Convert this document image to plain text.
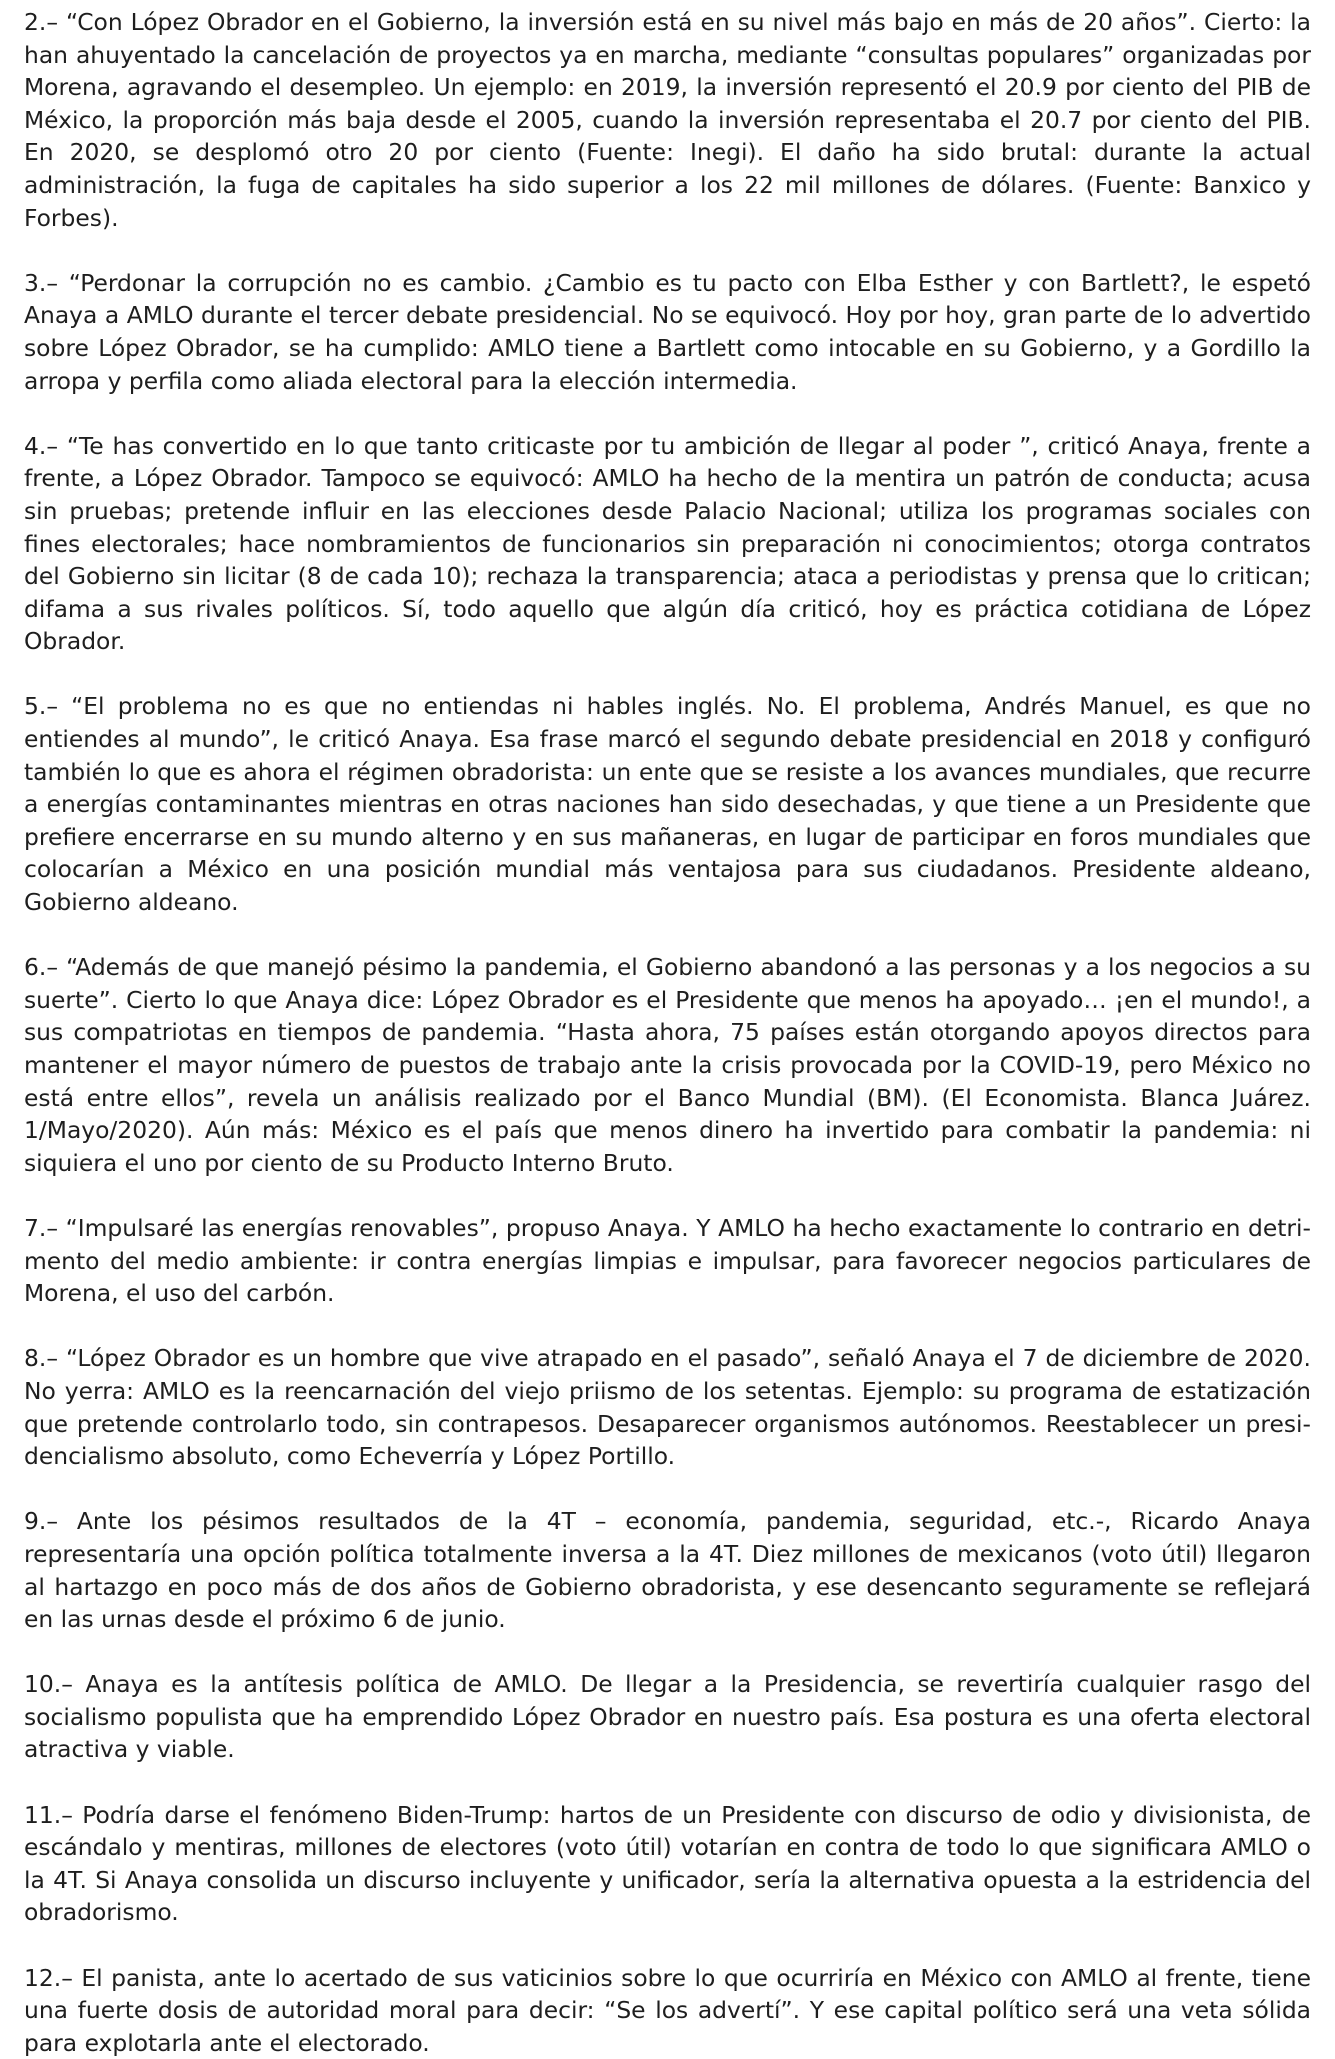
2.– “Con López Obrador en el Gobierno, la inversión está en su nivel más bajo en más de 20 años”. Cierto: la han ahuyentado la cancelación de proyectos ya en marcha, mediante “consultas populares” organizadas por Morena, agravando el desempleo. Un ejemplo: en 2019, la inversión representó el 20.9 por ciento del PIB de México, la proporción más baja desde el 2005, cuando la inversión representaba el 20.7 por ciento del PIB. En 2020, se desplomó otro 20 por ciento (Fuente: Inegi). El daño ha sido brutal: durante la actual administración, la fuga de capitales ha sido superior a los 22 mil millones de dólares. (Fuente: Banxico y Forbes).

3.– “Perdonar la corrupción no es cambio. ¿Cambio es tu pacto con Elba Esther y con Bartlett?, le espetó Anaya a AMLO durante el tercer debate presidencial. No se equivocó. Hoy por hoy, gran parte de lo advertido sobre López Obrador, se ha cumplido: AMLO tiene a Bartlett como intocable en su Gobierno, y a Gordillo la arropa y perfila como aliada electoral para la elección intermedia.

4.– “Te has convertido en lo que tanto criticaste por tu ambición de llegar al poder ”, criticó Anaya, frente a frente, a López Obrador. Tampoco se equivocó: AMLO ha hecho de la mentira un patrón de conducta; acusa sin pruebas; pretende influir en las elecciones desde Palacio Nacional; utiliza los programas sociales con fines electorales; hace nombramientos de funcionarios sin preparación ni conocimientos; otorga contratos del Gobierno sin licitar (8 de cada 10); rechaza la transparencia; ataca a periodistas y prensa que lo critican; difama a sus rivales políticos. Sí, todo aquello que algún día criticó, hoy es práctica cotidiana de López Obrador.

5.– “El problema no es que no entiendas ni hables inglés. No. El problema, Andrés Manuel, es que no entiendes al mundo”, le criticó Anaya. Esa frase marcó el segundo debate presidencial en 2018 y configuró también lo que es ahora el régimen obradorista: un ente que se resiste a los avances mundiales, que recurre a energías contaminantes mientras en otras naciones han sido desechadas, y que tiene a un Presidente que prefiere encerrarse en su mundo alterno y en sus mañaneras, en lugar de participar en foros mundiales que colocarían a México en una posición mundial más ventajosa para sus ciudadanos. Presidente aldeano, Gobierno aldeano.

6.– “Además de que manejó pésimo la pandemia, el Gobierno abandonó a las personas y a los negocios a su suerte”. Cierto lo que Anaya dice: López Obrador es el Presidente que menos ha apoyado… ¡en el mundo!, a sus compatriotas en tiempos de pandemia. “Hasta ahora, 75 países están otorgando apoyos directos para mantener el mayor número de puestos de trabajo ante la crisis provocada por la COVID-19, pero México no está entre ellos”, revela un análisis realizado por el Banco Mundial (BM). (El Economista. Blanca Juárez. 1/Mayo/2020). Aún más: México es el país que menos dinero ha invertido para combatir la pandemia: ni siquiera el uno por ciento de su Producto Interno Bruto.

7.– “Impulsaré las energías renovables”, propuso Anaya. Y AMLO ha hecho exactamente lo contrario en detrimento del medio ambiente: ir contra energías limpias e impulsar, para favorecer negocios particulares de Morena, el uso del carbón.

8.– “López Obrador es un hombre que vive atrapado en el pasado”, señaló Anaya el 7 de diciembre de 2020. No yerra: AMLO es la reencarnación del viejo priismo de los setentas. Ejemplo: su programa de estatización que pretende controlarlo todo, sin contrapesos. Desaparecer organismos autónomos. Reestablecer un presidencialismo absoluto, como Echeverría y López Portillo.

9.– Ante los pésimos resultados de la 4T – economía, pandemia, seguridad, etc.-, Ricardo Anaya representaría una opción política totalmente inversa a la 4T. Diez millones de mexicanos (voto útil) llegaron al hartazgo en poco más de dos años de Gobierno obradorista, y ese desencanto seguramente se reflejará en las urnas desde el próximo 6 de junio.

10.– Anaya es la antítesis política de AMLO. De llegar a la Presidencia, se revertiría cualquier rasgo del socialismo populista que ha emprendido López Obrador en nuestro país. Esa postura es una oferta electoral atractiva y viable.

11.– Podría darse el fenómeno Biden-Trump: hartos de un Presidente con discurso de odio y divisionista, de escándalo y mentiras, millones de electores (voto útil) votarían en contra de todo lo que significara AMLO o la 4T. Si Anaya consolida un discurso incluyente y unificador, sería la alternativa opuesta a la estridencia del obradorismo.

12.– El panista, ante lo acertado de sus vaticinios sobre lo que ocurriría en México con AMLO al frente, tiene una fuerte dosis de autoridad moral para decir: “Se los advertí”. Y ese capital político será una veta sólida para explotarla ante el electorado.
